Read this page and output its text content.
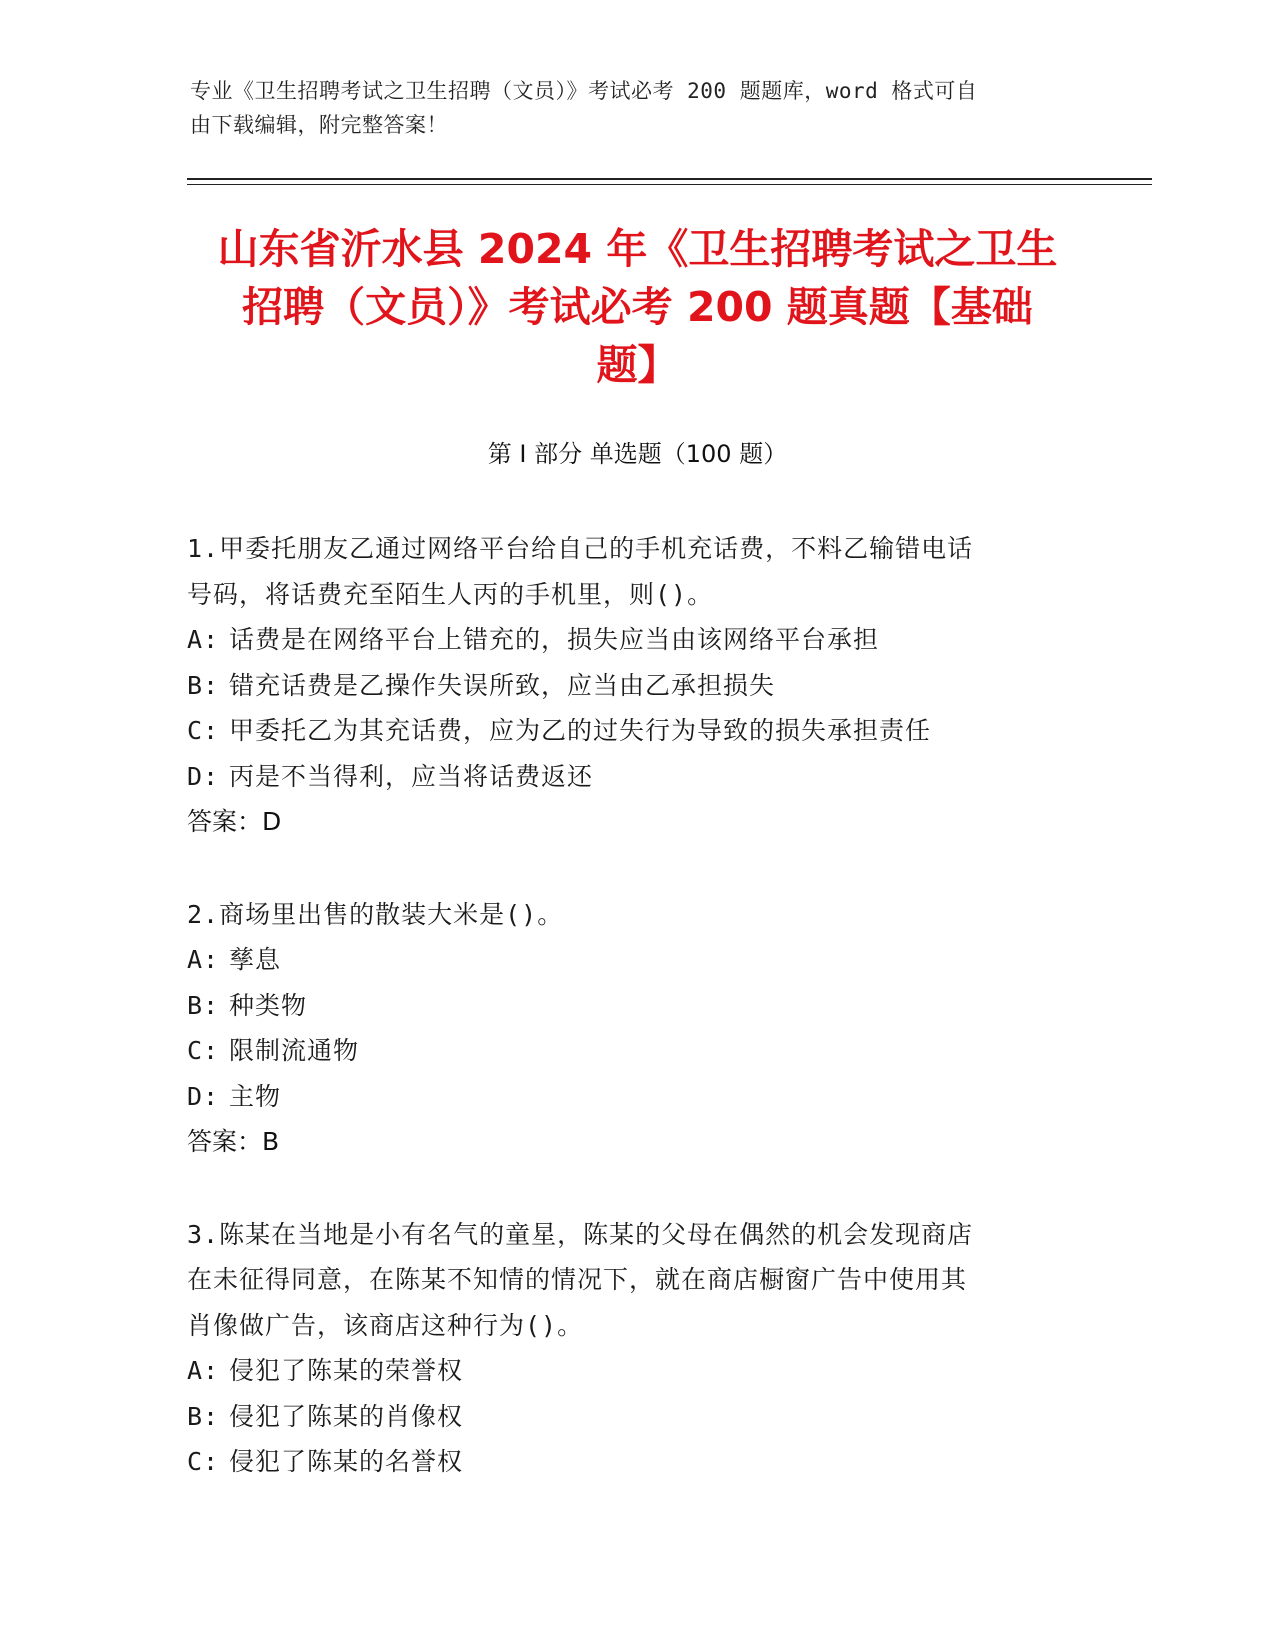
专业《卫生招聘考试之卫生招聘（文员）》考试必考 200 题题库，word 格式可自
由下载编辑，附完整答案！
山东省沂水县 2024 年《卫生招聘考试之卫生
招聘（文员）》考试必考 200 题真题【基础
题】
第 I 部分 单选题（100 题）
1.甲委托朋友乙通过网络平台给自己的手机充话费，不料乙输错电话
号码，将话费充至陌生人丙的手机里，则()。
A: 话费是在网络平台上错充的，损失应当由该网络平台承担
B: 错充话费是乙操作失误所致，应当由乙承担损失
C: 甲委托乙为其充话费，应为乙的过失行为导致的损失承担责任
D: 丙是不当得利，应当将话费返还
答案：D
2.商场里出售的散装大米是()。
A: 孳息
B: 种类物
C: 限制流通物
D: 主物
答案：B
3.陈某在当地是小有名气的童星，陈某的父母在偶然的机会发现商店
在未征得同意，在陈某不知情的情况下，就在商店橱窗广告中使用其
肖像做广告，该商店这种行为()。
A: 侵犯了陈某的荣誉权
B: 侵犯了陈某的肖像权
C: 侵犯了陈某的名誉权
